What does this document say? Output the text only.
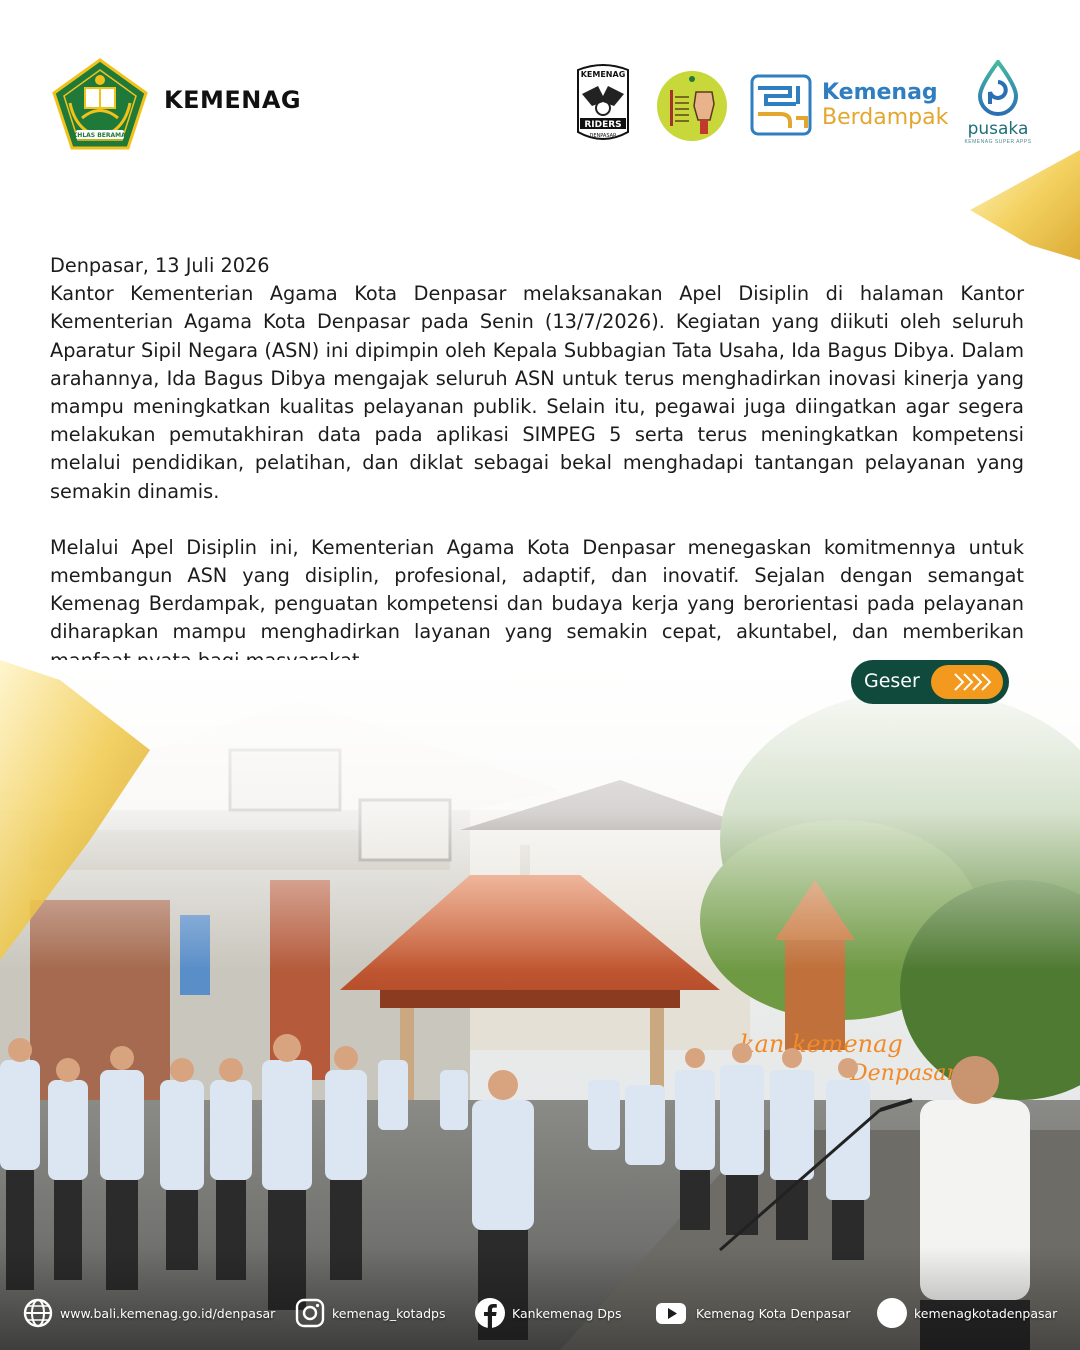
IKHLAS BERAMAL
KEMENAG
KEMENAG
RIDERS
DENPASAR
Kemenag
Berdampak	pusaka
KEMENAG SUPER APPS
Denpasar, 13 Juli 2026

Kantor Kementerian Agama Kota Denpasar melaksanakan Apel Disiplin di halaman Kantor Kementerian Agama Kota Denpasar pada Senin (13/7/2026). Kegiatan yang diikuti oleh seluruh Aparatur Sipil Negara (ASN) ini dipimpin oleh Kepala Subbagian Tata Usaha, Ida Bagus Dibya. Dalam arahannya, Ida Bagus Dibya mengajak seluruh ASN untuk terus menghadirkan inovasi kinerja yang mampu meningkatkan kualitas pelayanan publik. Selain itu, pegawai juga diingatkan agar segera melakukan pemutakhiran data pada aplikasi SIMPEG 5 serta terus meningkatkan kompetensi melalui pendidikan, pelatihan, dan diklat sebagai bekal menghadapi tantangan pelayanan yang semakin dinamis.

Melalui Apel Disiplin ini, Kementerian Agama Kota Denpasar menegaskan komitmennya untuk membangun ASN yang disiplin, profesional, adaptif, dan inovatif. Sejalan dengan semangat Kemenag Berdampak, penguatan kompetensi dan budaya kerja yang berorientasi pada pelayanan diharapkan mampu menghadirkan layanan yang semakin cepat, akuntabel, dan memberikan

Geser
www.bali.kemenag.go.id/denpasar	kemenag_kotadps	Kankemenag Dps	Kemenag Kota Denpasar	kemenagkotadenpasar
